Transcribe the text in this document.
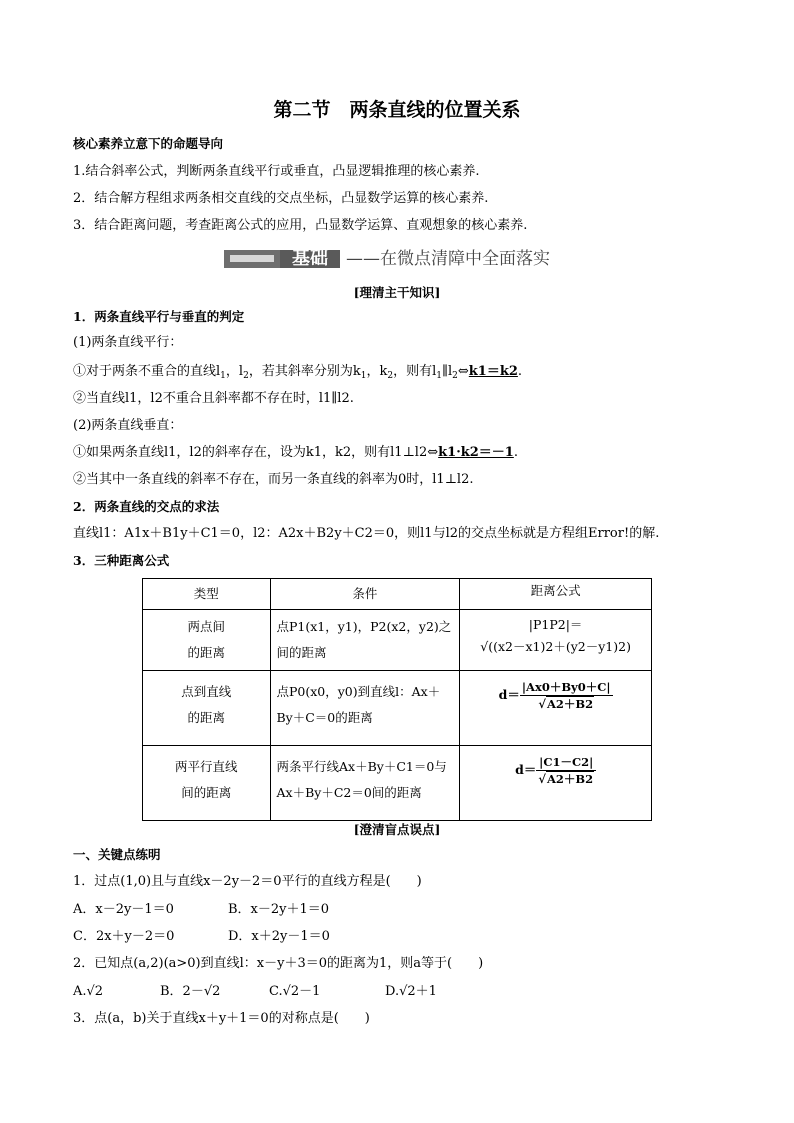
第二节　两条直线的位置关系
核心素养立意下的命题导向
1.结合斜率公式，判断两条直线平行或垂直，凸显逻辑推理的核心素养.
2．结合解方程组求两条相交直线的交点坐标，凸显数学运算的核心素养.
3．结合距离问题，考查距离公式的应用，凸显数学运算、直观想象的核心素养.
基础	——在微点清障中全面落实
[理清主干知识]
1．两条直线平行与垂直的判定
(1)两条直线平行：
①对于两条不重合的直线$l_1$，$l_2$，若其斜率分别为$k_1$，$k_2$，则有$l_1\parallel l_2\Leftrightarrow k1=k2$.
②当直线l1，l2不重合且斜率都不存在时，l1∥l2.
(2)两条直线垂直：
①如果两条直线l1，l2的斜率存在，设为k1，k2，则有l1⊥l2⇔k1·k2＝－1.
②当其中一条直线的斜率不存在，而另一条直线的斜率为0时，l1⊥l2.
2．两条直线的交点的求法
直线l1：A1x＋B1y＋C1＝0，l2：A2x＋B2y＋C2＝0，则l1与l2的交点坐标就是方程组Error!的解.
3．三种距离公式
类型	条件	距离公式
两点间
的距离	点P1(x1，y1)，P2(x2，y2)之间的距离	|P1P2|＝
√((x2－x1)2＋(y2－y1)2)
点到直线
的距离	点P0(x0，y0)到直线l：Ax＋By＋C＝0的距离	$d= \frac{|Ax0+By0+C|}{√A2+B2}$

两平行直线
间的距离	两条平行线Ax＋By＋C1＝0与Ax＋By＋C2＝0间的距离	$d= \frac{|C1-C2|}{√A2+B2}$
[澄清盲点误点]
一、关键点练明
1．过点(1,0)且与直线x－2y－2＝0平行的直线方程是(　　)
A．x－2y－1＝0	B．x－2y＋1＝0
C．2x＋y－2＝0	D．x＋2y－1＝0
2．已知点(a,2)(a>0)到直线l：x－y＋3＝0的距离为1，则a等于(　　)
A.√2	B．2－√2	C.√2－1	D.√2＋1
3．点(a，b)关于直线x＋y＋1＝0的对称点是(　　)
